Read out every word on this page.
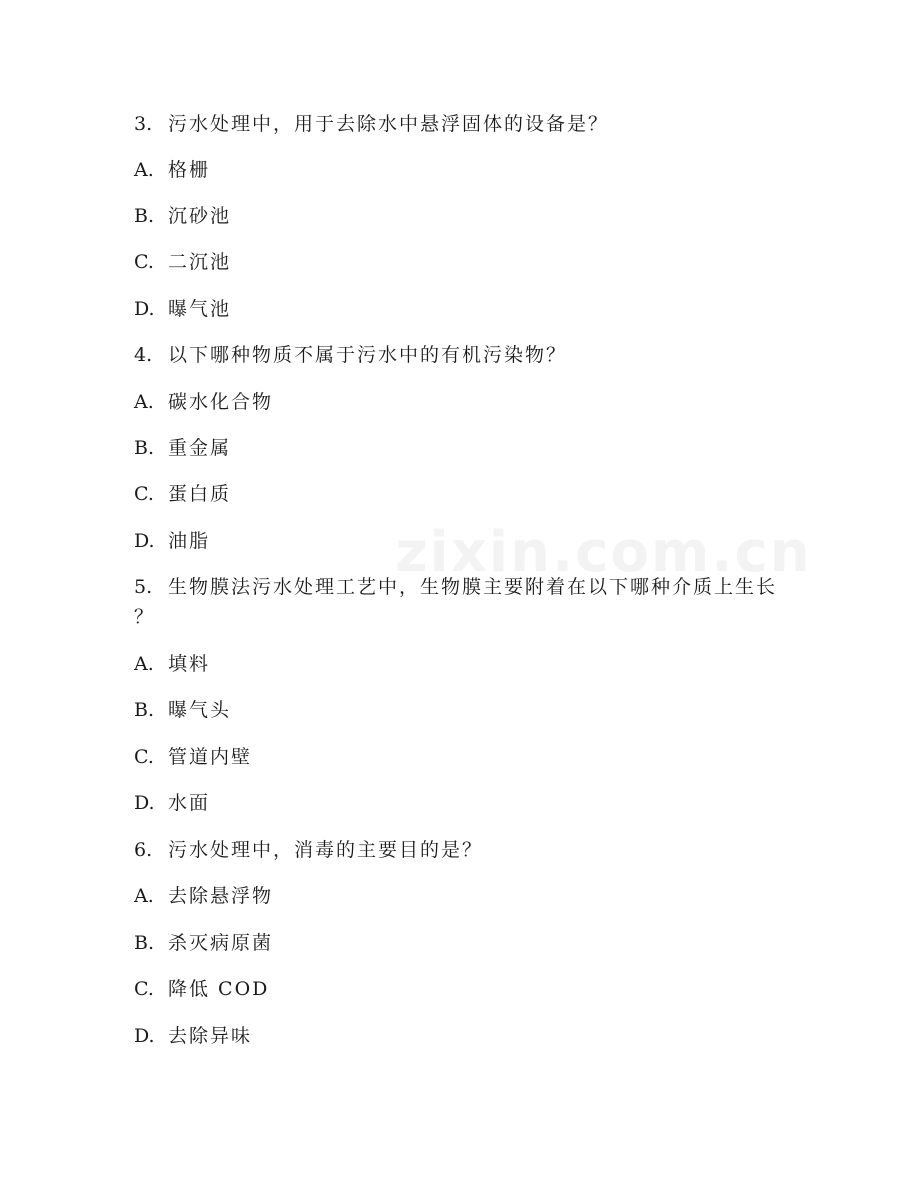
zixin.com.cn
3. 污水处理中，用于去除水中悬浮固体的设备是？
A. 格栅
B. 沉砂池
C. 二沉池
D. 曝气池
4. 以下哪种物质不属于污水中的有机污染物？
A. 碳水化合物
B. 重金属
C. 蛋白质
D. 油脂
5. 生物膜法污水处理工艺中，生物膜主要附着在以下哪种介质上生长
？
A. 填料
B. 曝气头
C. 管道内壁
D. 水面
6. 污水处理中，消毒的主要目的是？
A. 去除悬浮物
B. 杀灭病原菌
C. 降低 COD
D. 去除异味
